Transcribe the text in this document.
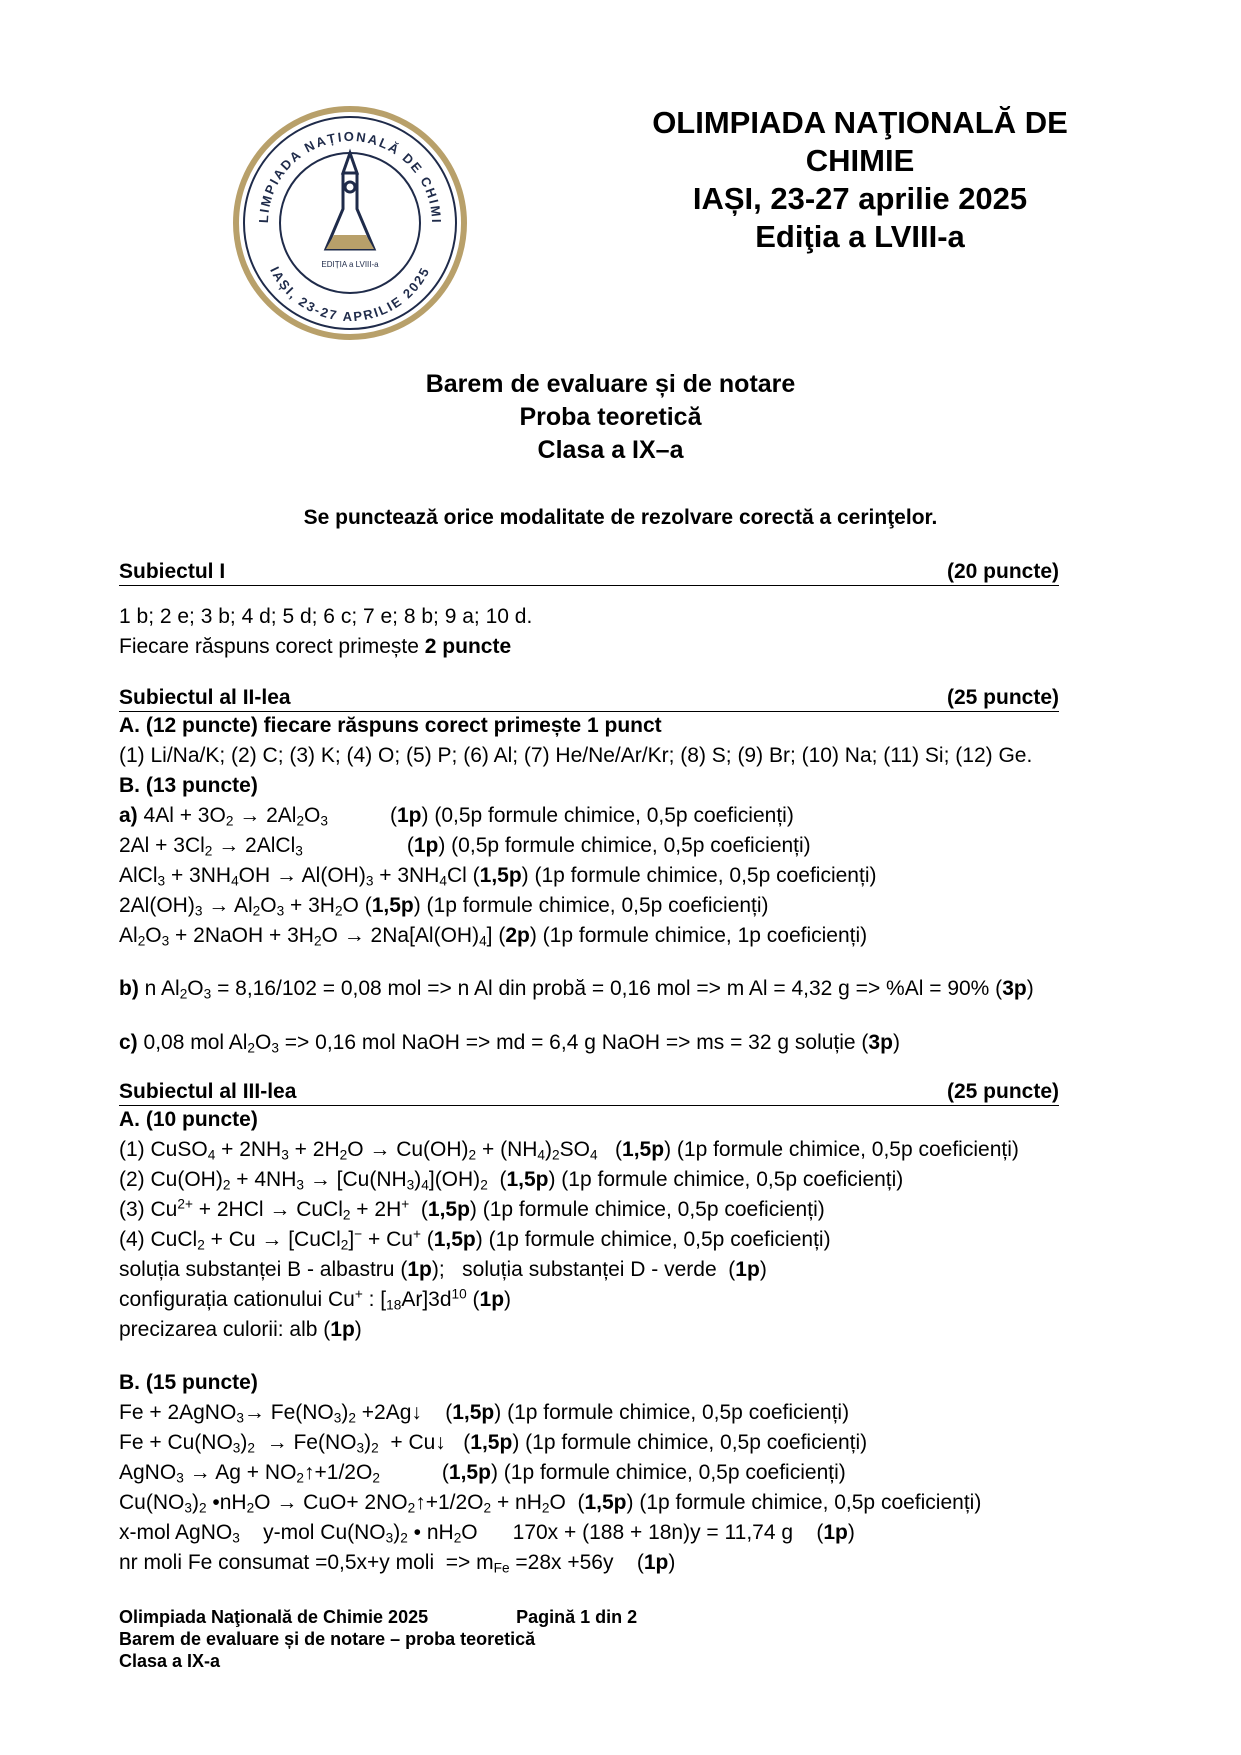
LIMPIADA NAȚIONALĂ DE CHIMI
IAȘI, 23-27 APRILIE 2025
EDIȚIA a LVIII-a
OLIMPIADA NAŢIONALĂ DE
CHIMIE
IAȘI, 23-27 aprilie 2025
Ediţia a LVIII-a
Barem de evaluare și de notare
Proba teoretică
Clasa a IX–a
Se punctează orice modalitate de rezolvare corectă a cerinţelor.
Subiectul I	(20 puncte)
1 b; 2 e; 3 b; 4 d; 5 d; 6 c; 7 e; 8 b; 9 a; 10 d.
Fiecare răspuns corect primește 2 puncte
Subiectul al II-lea	(25 puncte)
A. (12 puncte) fiecare răspuns corect primește 1 punct
(1) Li/Na/K; (2) C; (3) K; (4) O; (5) P; (6) Al; (7) He/Ne/Ar/Kr; (8) S; (9) Br; (10) Na; (11) Si; (12) Ge.
B. (13 puncte)
a) $4Al + 3O_2 \to 2Al_2O_3$	(1p) (0,5p formule chimice, 0,5p coeficienți)
$2Al + 3Cl_2$ → 2AlCl$_3$	(1p) (0,5p formule chimice, 0,5p coeficienți)
AlCl$_3$ + $3NH_4OH \to Al(OH)_3 + 3NH_4Cl$ (1,5p) (1p formule chimice, 0,5p coeficienți)
$2Al(OH)_3 \to Al_2O_3 + 3H_2O$ (1,5p) (1p formule chimice, 0,5p coeficienți)
$Al_2O_3$ + 2NaOH + $3H_2O \to 2Na[Al(OH)_4]$ (2p) (1p formule chimice, 1p coeficienți)
b) n $Al_2O_3 = 8,16/102 = 0,08$ mol => n Al din probă = 0,16 mol => m Al = 4,32 g => %Al = 90% (3p)
c) 0,08 mol $Al_2O_3 => 0,16$ mol NaOH => md = 6,4 g NaOH => ms = 32 g soluție (3p)
Subiectul al III-lea	(25 puncte)
A. (10 puncte)
(1) CuSO$_4$ + $2NH_3 + 2H_2O \to Cu(OH)_2 + (NH_4)_2SO_4$   (1,5p) (1p formule chimice, 0,5p coeficienți)
(2) $Cu(OH)_2 + 4NH_3 \to [Cu(NH_3)_4](OH)_2$  (1,5p) (1p formule chimice, 0,5p coeficienți)
(3) $Cu^{2+} + 2HCl$ → CuCl$_2$ + 2H+  (1,5p) (1p formule chimice, 0,5p coeficienți)
(4) CuCl$_2$ + Cu → [CuCl$_2$]− + Cu+ (1,5p) (1p formule chimice, 0,5p coeficienți)
soluția substanței B - albastru (1p);   soluția substanței D - verde  (1p)
configurația cationului Cu+ : $[_{18}Ar]3d^{10}$ (1p)
precizarea culorii: alb (1p)
B. (15 puncte)
Fe + 2AgNO$_3$→ $Fe(NO_3)_2$ +2Ag↓    (1,5p) (1p formule chimice, 0,5p coeficienți)
$Fe + Cu(NO_3)_2 \to Fe(NO_3)_2$  + Cu↓   (1,5p) (1p formule chimice, 0,5p coeficienți)
AgNO$_3$ → $Ag + NO_2↑+1/2O_2$	(1,5p) (1p formule chimice, 0,5p coeficienți)
$Cu(NO_3)_2$ $•nH_2O \to CuO+$ $2NO_2↑+1/2O_2 + nH_2O$  (1,5p) (1p formule chimice, 0,5p coeficienți)
x-mol AgNO$_3$    y-mol $Cu(NO_3)_2$ • $nH_2O$      170x + (188 + 18n)y = 11,74 g    (1p)
nr moli Fe consumat =0,5x+y moli  => $m_{Fe} =28x +56y$    (1p)
Olimpiada Naţională de Chimie 2025	Pagină 1 din 2
Barem de evaluare și de notare – proba teoretică
Clasa a IX-a
